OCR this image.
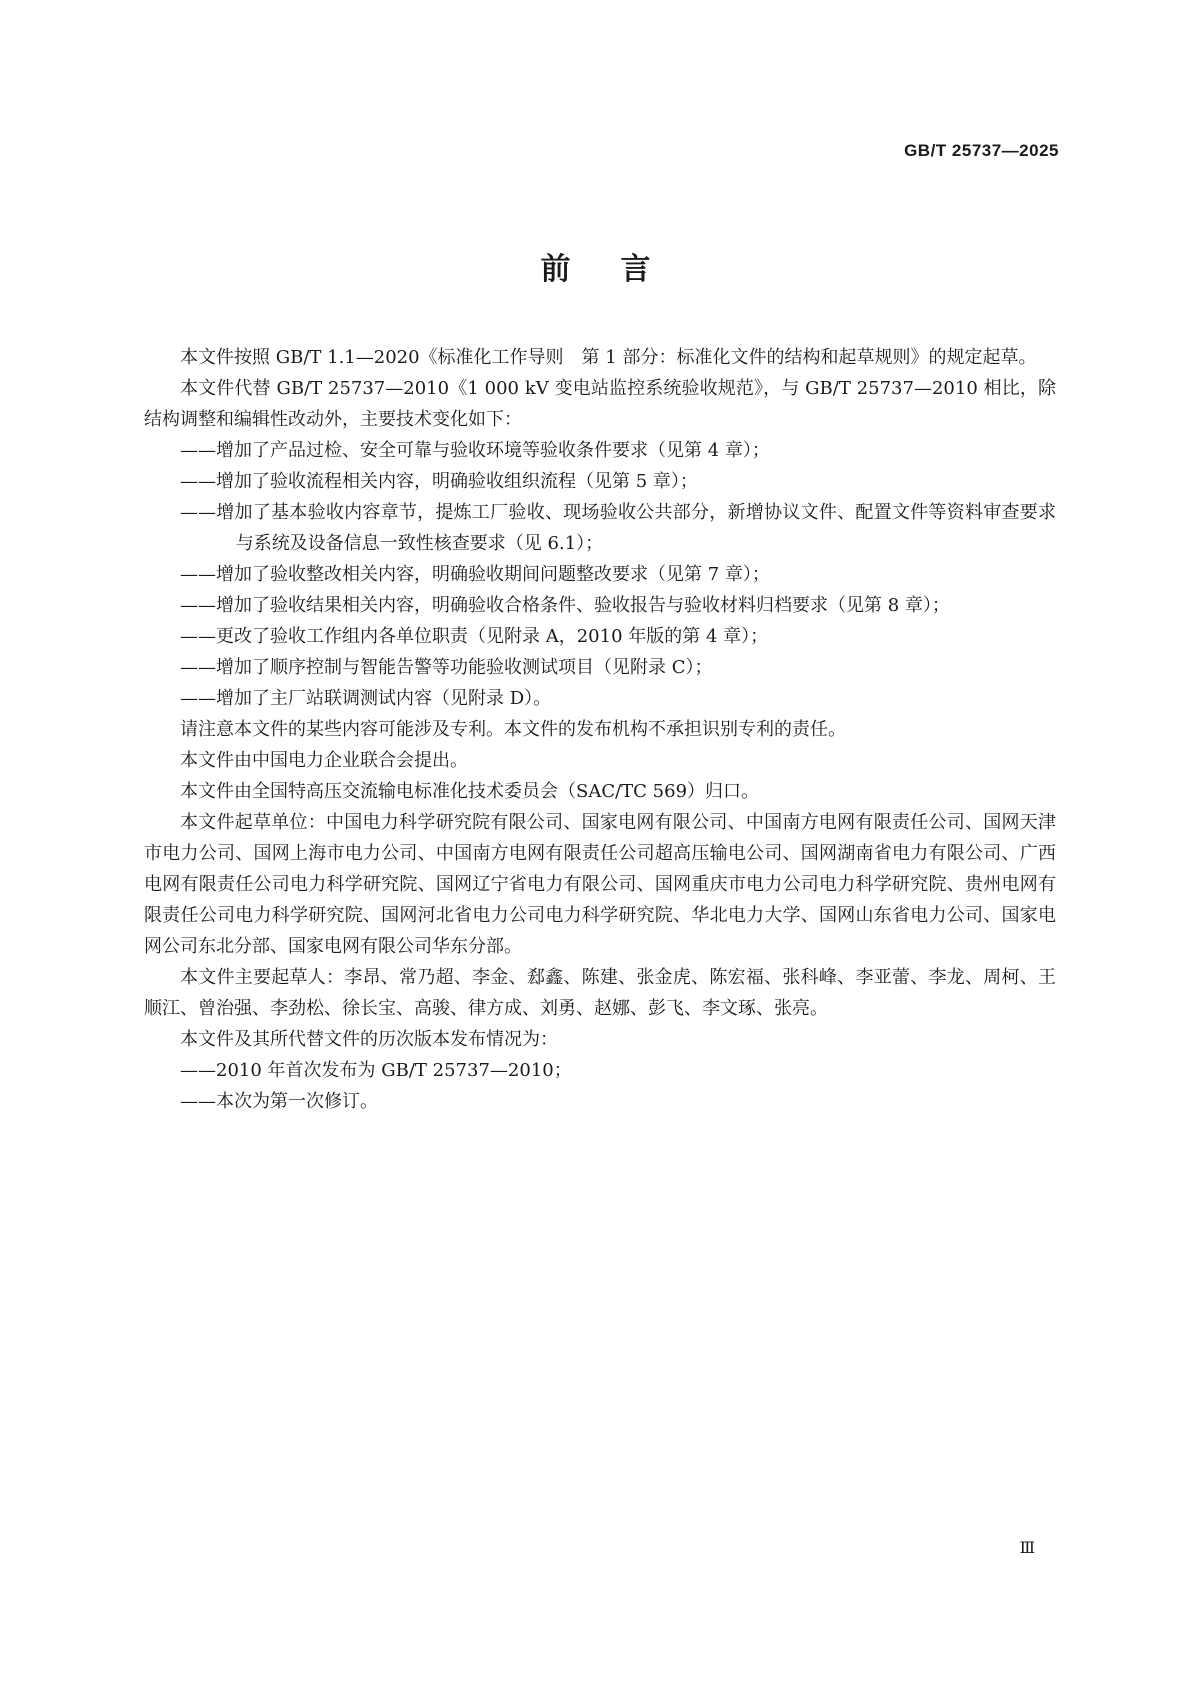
GB/T 25737—2025
前言

本文件按照 GB/T 1.1—2020《标准化工作导则　第 1 部分：标准化文件的结构和起草规则》的规定起草。

本文件代替 GB/T 25737—2010《1 000 kV 变电站监控系统验收规范》，与 GB/T 25737—2010 相比，除结构调整和编辑性改动外，主要技术变化如下：

——增加了产品过检、安全可靠与验收环境等验收条件要求（见第 4 章）；

——增加了验收流程相关内容，明确验收组织流程（见第 5 章）；

——增加了基本验收内容章节，提炼工厂验收、现场验收公共部分，新增协议文件、配置文件等资料审查要求与系统及设备信息一致性核查要求（见 6.1）；

——增加了验收整改相关内容，明确验收期间问题整改要求（见第 7 章）；

——增加了验收结果相关内容，明确验收合格条件、验收报告与验收材料归档要求（见第 8 章）；

——更改了验收工作组内各单位职责（见附录 A，2010 年版的第 4 章）；

——增加了顺序控制与智能告警等功能验收测试项目（见附录 C）；

——增加了主厂站联调测试内容（见附录 D）。

请注意本文件的某些内容可能涉及专利。本文件的发布机构不承担识别专利的责任。

本文件由中国电力企业联合会提出。

本文件由全国特高压交流输电标准化技术委员会（SAC/TC 569）归口。

本文件起草单位：中国电力科学研究院有限公司、国家电网有限公司、中国南方电网有限责任公司、国网天津市电力公司、国网上海市电力公司、中国南方电网有限责任公司超高压输电公司、国网湖南省电力有限公司、广西电网有限责任公司电力科学研究院、国网辽宁省电力有限公司、国网重庆市电力公司电力科学研究院、贵州电网有限责任公司电力科学研究院、国网河北省电力公司电力科学研究院、华北电力大学、国网山东省电力公司、国家电网公司东北分部、国家电网有限公司华东分部。

本文件主要起草人：李昂、常乃超、李金、郄鑫、陈建、张金虎、陈宏福、张科峰、李亚蕾、李龙、周柯、王顺江、曾治强、李劲松、徐长宝、高骏、律方成、刘勇、赵娜、彭飞、李文琢、张亮。

本文件及其所代替文件的历次版本发布情况为：

——2010 年首次发布为 GB/T 25737—2010；

——本次为第一次修订。

Ⅲ
